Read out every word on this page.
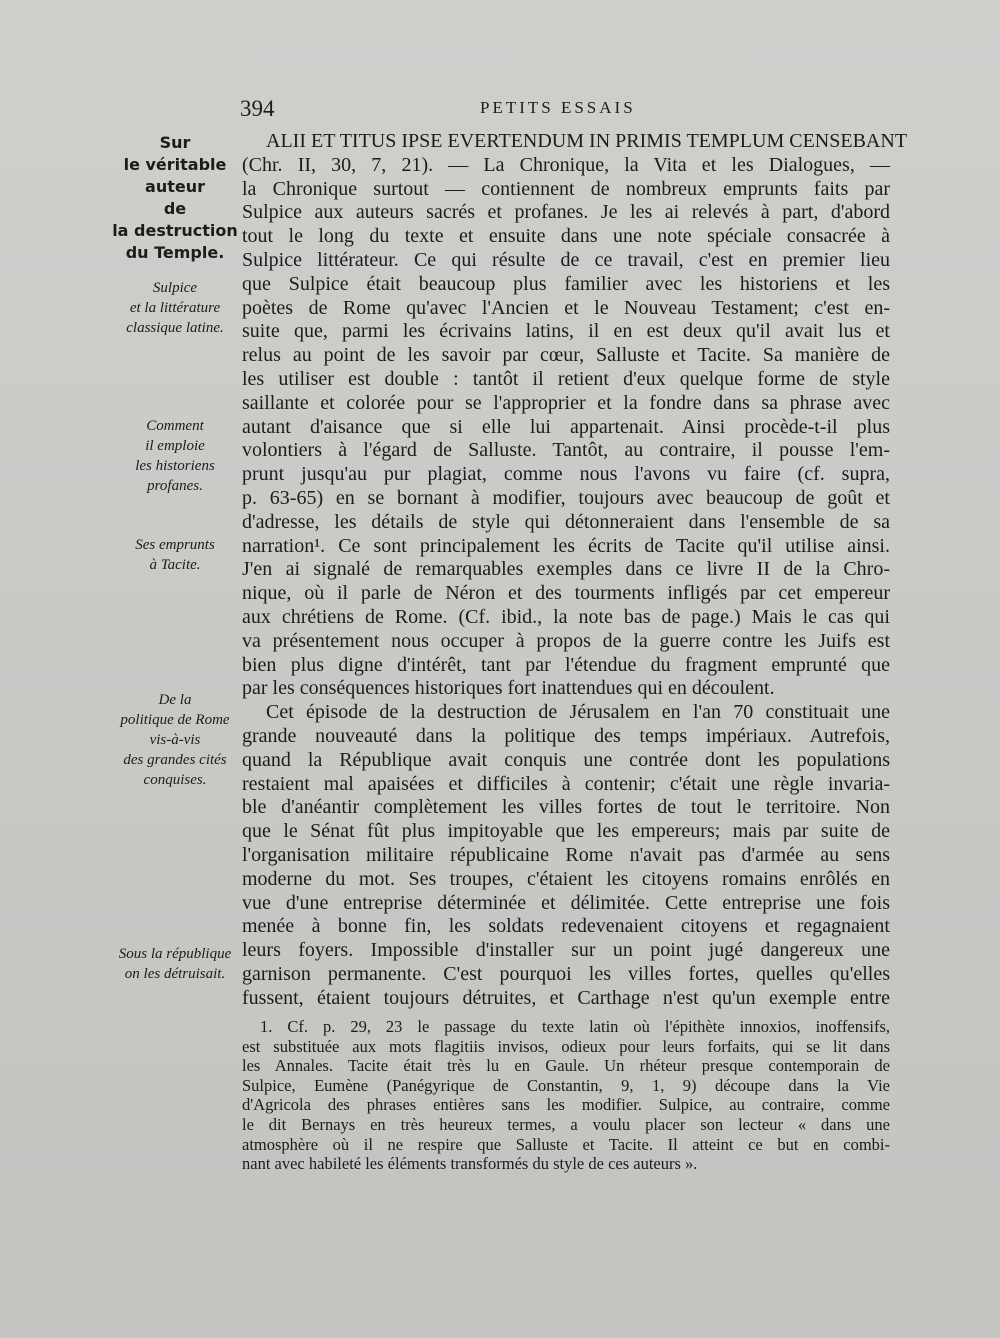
394	PETITS ESSAIS
Sur
le véritable
auteur
de
la destruction
du Temple.
Sulpice
et la littérature
classique latine.
Comment
il emploie
les historiens
profanes.
Ses emprunts
à Tacite.
De la
politique de Rome
vis-à-vis
des grandes cités
conquises.
Sous la république
on les détruisait.
ALII ET TITUS IPSE EVERTENDUM IN PRIMIS TEMPLUM CENSEBANT
(Chr. II, 30, 7, 21). — La Chronique, la Vita et les Dialogues, —
la Chronique surtout — contiennent de nombreux emprunts faits par
Sulpice aux auteurs sacrés et profanes. Je les ai relevés à part, d'abord
tout le long du texte et ensuite dans une note spéciale consacrée à
Sulpice littérateur. Ce qui résulte de ce travail, c'est en premier lieu
que Sulpice était beaucoup plus familier avec les historiens et les
poètes de Rome qu'avec l'Ancien et le Nouveau Testament; c'est en-
suite que, parmi les écrivains latins, il en est deux qu'il avait lus et
relus au point de les savoir par cœur, Salluste et Tacite. Sa manière de
les utiliser est double : tantôt il retient d'eux quelque forme de style
saillante et colorée pour se l'approprier et la fondre dans sa phrase avec
autant d'aisance que si elle lui appartenait. Ainsi procède-t-il plus
volontiers à l'égard de Salluste. Tantôt, au contraire, il pousse l'em-
prunt jusqu'au pur plagiat, comme nous l'avons vu faire (cf. supra,
p. 63-65) en se bornant à modifier, toujours avec beaucoup de goût et
d'adresse, les détails de style qui détonneraient dans l'ensemble de sa
narration¹. Ce sont principalement les écrits de Tacite qu'il utilise ainsi.
J'en ai signalé de remarquables exemples dans ce livre II de la Chro-
nique, où il parle de Néron et des tourments infligés par cet empereur
aux chrétiens de Rome. (Cf. ibid., la note bas de page.) Mais le cas qui
va présentement nous occuper à propos de la guerre contre les Juifs est
bien plus digne d'intérêt, tant par l'étendue du fragment emprunté que
par les conséquences historiques fort inattendues qui en découlent.
Cet épisode de la destruction de Jérusalem en l'an 70 constituait une
grande nouveauté dans la politique des temps impériaux. Autrefois,
quand la République avait conquis une contrée dont les populations
restaient mal apaisées et difficiles à contenir; c'était une règle invaria-
ble d'anéantir complètement les villes fortes de tout le territoire. Non
que le Sénat fût plus impitoyable que les empereurs; mais par suite de
l'organisation militaire républicaine Rome n'avait pas d'armée au sens
moderne du mot. Ses troupes, c'étaient les citoyens romains enrôlés en
vue d'une entreprise déterminée et délimitée. Cette entreprise une fois
menée à bonne fin, les soldats redevenaient citoyens et regagnaient
leurs foyers. Impossible d'installer sur un point jugé dangereux une
garnison permanente. C'est pourquoi les villes fortes, quelles qu'elles
fussent, étaient toujours détruites, et Carthage n'est qu'un exemple entre
1. Cf. p. 29, 23 le passage du texte latin où l'épithète innoxios, inoffensifs,
est substituée aux mots flagitiis invisos, odieux pour leurs forfaits, qui se lit dans
les Annales. Tacite était très lu en Gaule. Un rhéteur presque contemporain de
Sulpice, Eumène (Panégyrique de Constantin, 9, 1, 9) découpe dans la Vie
d'Agricola des phrases entières sans les modifier. Sulpice, au contraire, comme
le dit Bernays en très heureux termes, a voulu placer son lecteur « dans une
atmosphère où il ne respire que Salluste et Tacite. Il atteint ce but en combi-
nant avec habileté les éléments transformés du style de ces auteurs ».
